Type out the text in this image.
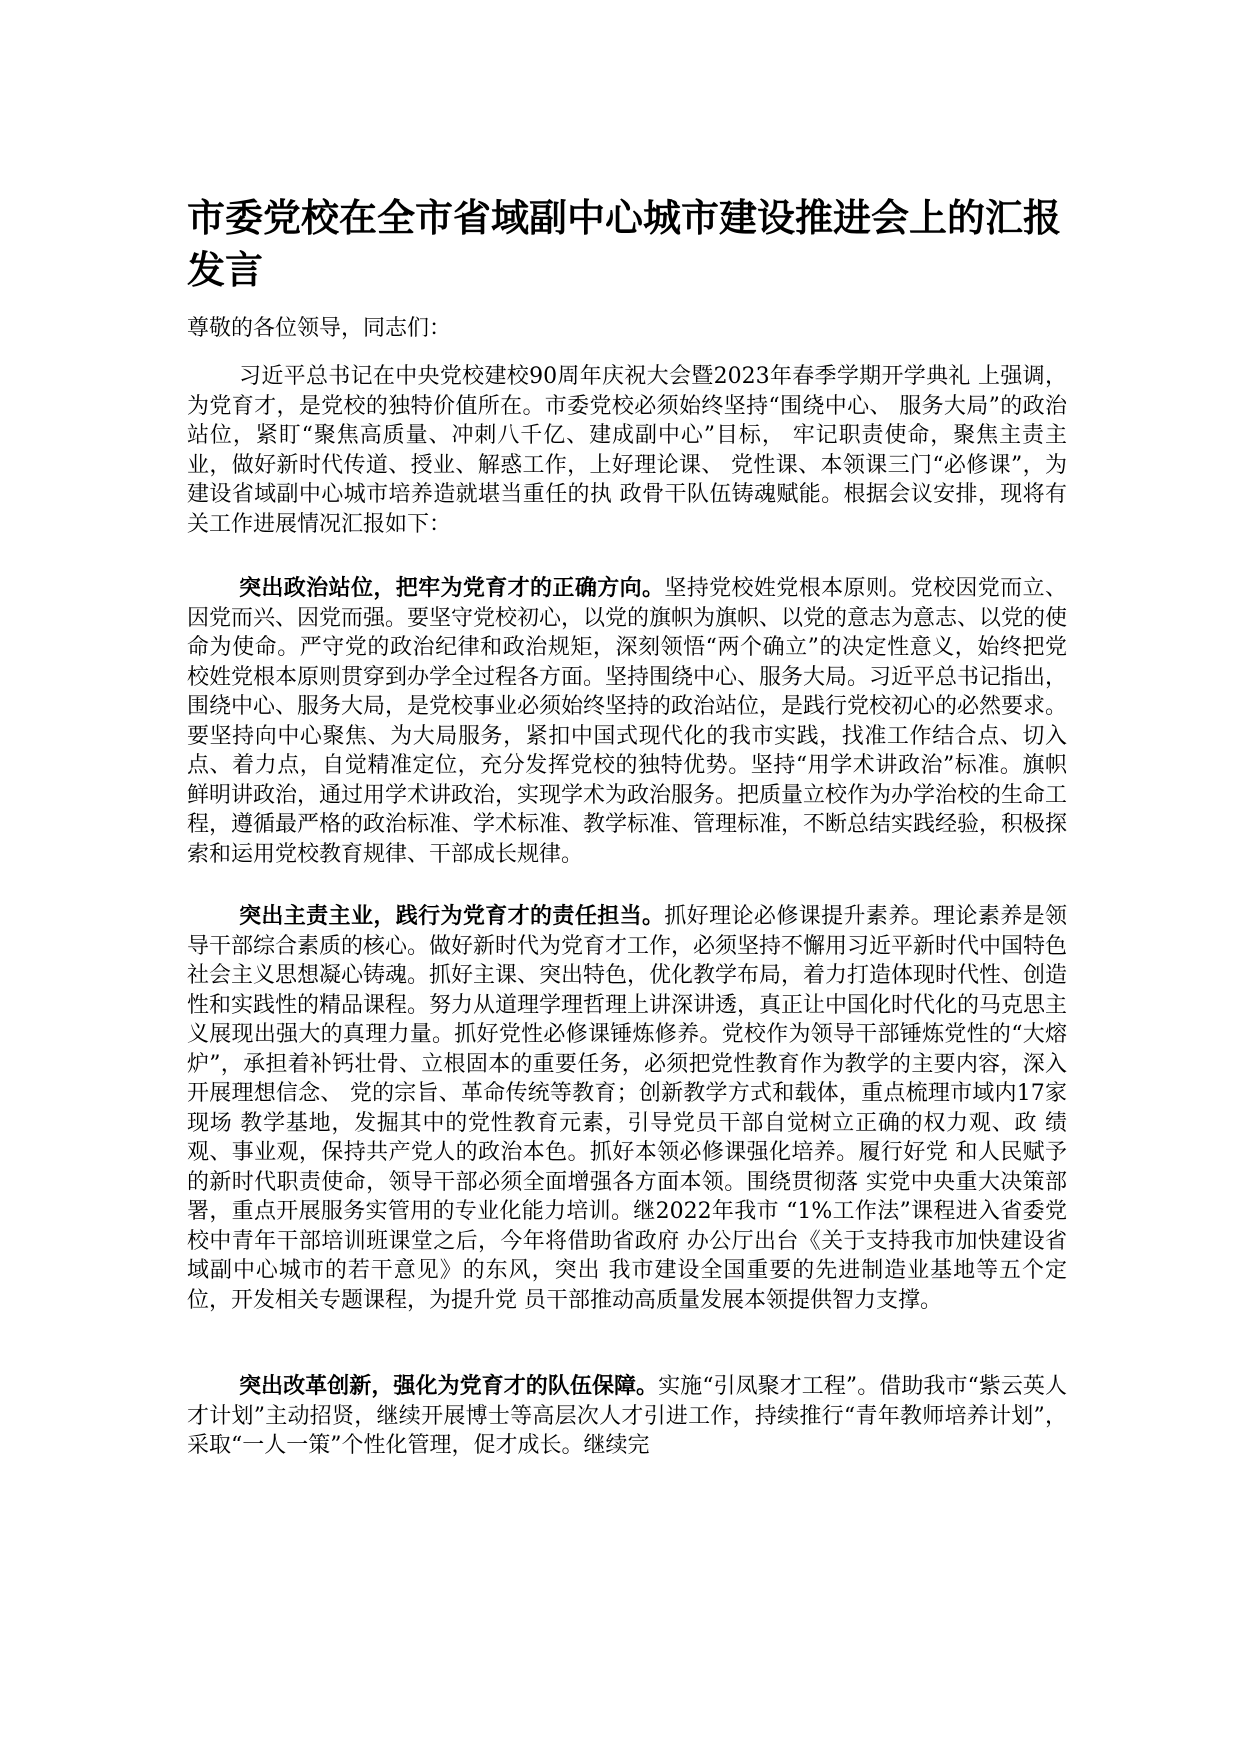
市委党校在全市省域副中心城市建设推进会上的汇报发言

尊敬的各位领导，同志们：

习近平总书记在中央党校建校90周年庆祝大会暨2023年春季学期开学典礼 上强调，为党育才，是党校的独特价值所在。市委党校必须始终坚持“围绕中心、 服务大局”的政治站位，紧盯“聚焦高质量、冲刺八千亿、建成副中心”目标， 牢记职责使命，聚焦主责主业，做好新时代传道、授业、解惑工作，上好理论课、 党性课、本领课三门“必修课”，为建设省域副中心城市培养造就堪当重任的执 政骨干队伍铸魂赋能。根据会议安排，现将有关工作进展情况汇报如下：

突出政治站位，把牢为党育才的正确方向。坚持党校姓党根本原则。党校因党而立、因党而兴、因党而强。要坚守党校初心，以党的旗帜为旗帜、以党的意志为意志、以党的使命为使命。严守党的政治纪律和政治规矩，深刻领悟“两个确立”的决定性意义，始终把党校姓党根本原则贯穿到办学全过程各方面。坚持围绕中心、服务大局。习近平总书记指出，围绕中心、服务大局，是党校事业必须始终坚持的政治站位，是践行党校初心的必然要求。要坚持向中心聚焦、为大局服务，紧扣中国式现代化的我市实践，找准工作结合点、切入点、着力点，自觉精准定位，充分发挥党校的独特优势。坚持“用学术讲政治”标准。旗帜鲜明讲政治，通过用学术讲政治，实现学术为政治服务。把质量立校作为办学治校的生命工程，遵循最严格的政治标准、学术标准、教学标准、管理标准，不断总结实践经验，积极探索和运用党校教育规律、干部成长规律。

突出主责主业，践行为党育才的责任担当。抓好理论必修课提升素养。理论素养是领导干部综合素质的核心。做好新时代为党育才工作，必须坚持不懈用习近平新时代中国特色社会主义思想凝心铸魂。抓好主课、突出特色，优化教学布局，着力打造体现时代性、创造性和实践性的精品课程。努力从道理学理哲理上讲深讲透，真正让中国化时代化的马克思主义展现出强大的真理力量。抓好党性必修课锤炼修养。党校作为领导干部锤炼党性的“大熔炉”，承担着补钙壮骨、立根固本的重要任务，必须把党性教育作为教学的主要内容，深入开展理想信念、 党的宗旨、革命传统等教育；创新教学方式和载体，重点梳理市域内17家现场 教学基地，发掘其中的党性教育元素，引导党员干部自觉树立正确的权力观、政 绩观、事业观，保持共产党人的政治本色。抓好本领必修课强化培养。履行好党 和人民赋予的新时代职责使命，领导干部必须全面增强各方面本领。围绕贯彻落 实党中央重大决策部署，重点开展服务实管用的专业化能力培训。继2022年我市 “1%工作法”课程进入省委党校中青年干部培训班课堂之后，今年将借助省政府 办公厅出台《关于支持我市加快建设省域副中心城市的若干意见》的东风，突出 我市建设全国重要的先进制造业基地等五个定位，开发相关专题课程，为提升党 员干部推动高质量发展本领提供智力支撑。

突出改革创新，强化为党育才的队伍保障。实施“引凤聚才工程”。借助我市“紫云英人才计划”主动招贤，继续开展博士等高层次人才引进工作，持续推行“青年教师培养计划”，采取“一人一策”个性化管理，促才成长。继续完
